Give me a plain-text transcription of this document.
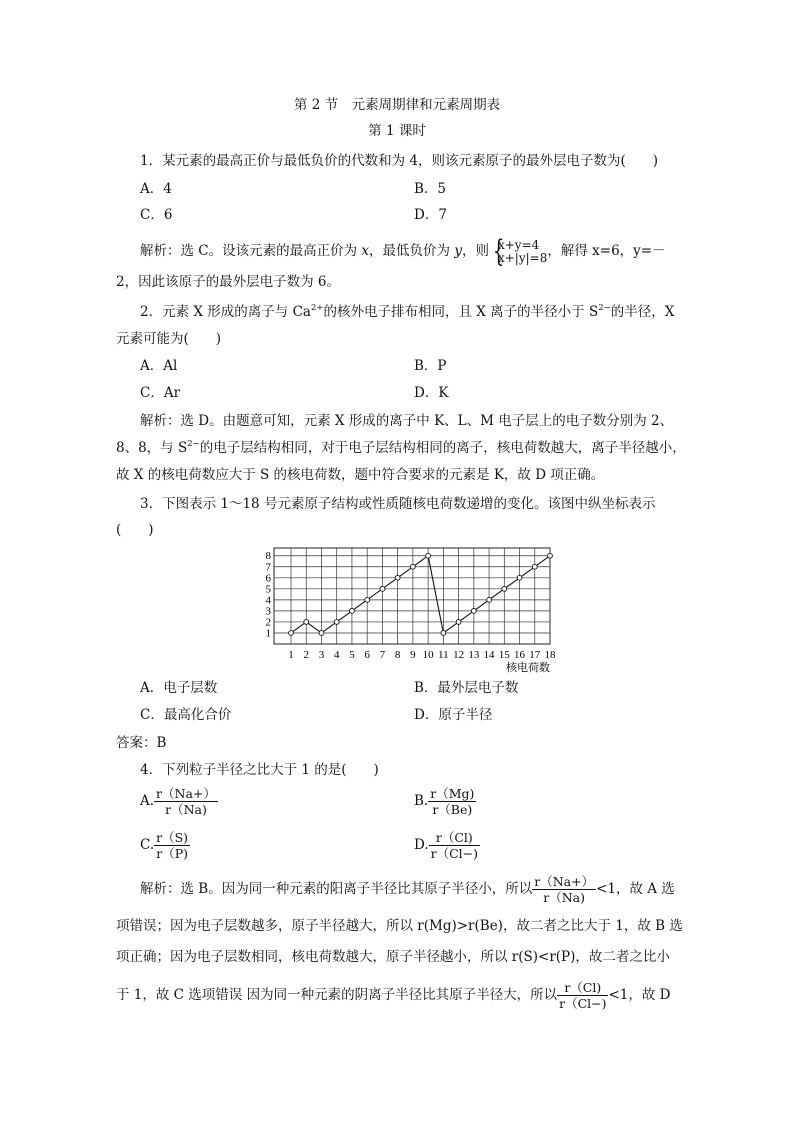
第 2 节　元素周期律和元素周期表
第 1 课时
1．某元素的最高正价与最低负价的代数和为 4，则该元素原子的最外层电子数为(　　)
A．4	B．5
C．6	D．7
解析：选 C。设该元素的最高正价为 x，最低负价为 y，则 {
x+y=4
x+|y|=8 ，解得 x=6，y=－
2，因此该原子的最外层电子数为 6。
2．元素 X 形成的离子与 $Ca^{2+}$的核外电子排布相同，且 X 离子的半径小于 $S^{2-}$的半径，X
元素可能为(　　)
A．Al	B．P
C．Ar	D．K
解析：选 D。由题意可知，元素 X 形成的离子中 K、L、M 电子层上的电子数分别为 2、
8、8，与 $S^{2-}$的电子层结构相同，对于电子层结构相同的离子，核电荷数越大，离子半径越小，
故 X 的核电荷数应大于 S 的核电荷数，题中符合要求的元素是 K，故 D 项正确。
3．下图表示 1～18 号元素原子结构或性质随核电荷数递增的变化。该图中纵坐标表示
(　　)
1
2
3
4
5
6
7
8
1 2 3 4 5 6 7 8 9 10 11 12 13 14 15 16 17 18
核电荷数
A．电子层数	B．最外层电子数
C．最高化合价	D．原子半径
答案：B
4．下列粒子半径之比大于 1 的是(　　)
A. $\frac{r(Na+)}{r(Na)}$	B. $\frac{r(Mg)}{r(Be)}$
C. $\frac{r(S)}{r(P)}$	D. $\frac{r(Cl)}{r(Cl-)}$
解析：选 B。因为同一种元素的阳离子半径比其原子半径小，所以 $\frac{r(Na+)}{r(Na)} <1$，故 A 选
项错误；因为电子层数越多，原子半径越大，所以 r(Mg)>r(Be)，故二者之比大于 1，故 B 选
项正确；因为电子层数相同，核电荷数越大，原子半径越小，所以 r(S)<r(P)，故二者之比小
于 1，故 C 选项错误 因为同一种元素的阴离子半径比其原子半径大，所以 $\frac{r(Cl)}{r(Cl-)} <1$，故 D
